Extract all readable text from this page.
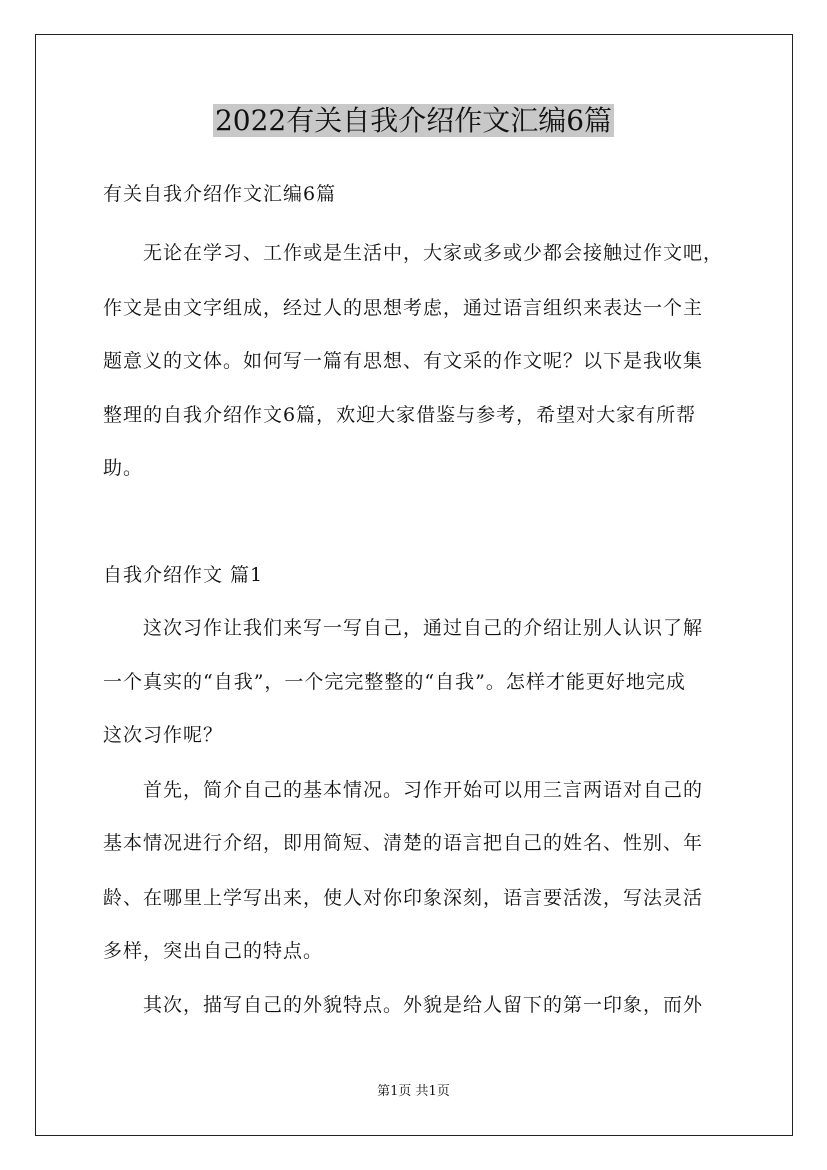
2022有关自我介绍作文汇编6篇

有关自我介绍作文汇编6篇

无论在学习、工作或是生活中，大家或多或少都会接触过作文吧，

作文是由文字组成，经过人的思想考虑，通过语言组织来表达一个主

题意义的文体。如何写一篇有思想、有文采的作文呢？以下是我收集

整理的自我介绍作文6篇，欢迎大家借鉴与参考，希望对大家有所帮

助。

自我介绍作文 篇1

这次习作让我们来写一写自己，通过自己的介绍让别人认识了解

一个真实的“自我”，一个完完整整的“自我”。怎样才能更好地完成

这次习作呢？

首先，简介自己的基本情况。习作开始可以用三言两语对自己的

基本情况进行介绍，即用简短、清楚的语言把自己的姓名、性别、年

龄、在哪里上学写出来，使人对你印象深刻，语言要活泼，写法灵活

多样，突出自己的特点。

其次，描写自己的外貌特点。外貌是给人留下的第一印象，而外

第1页 共1页
